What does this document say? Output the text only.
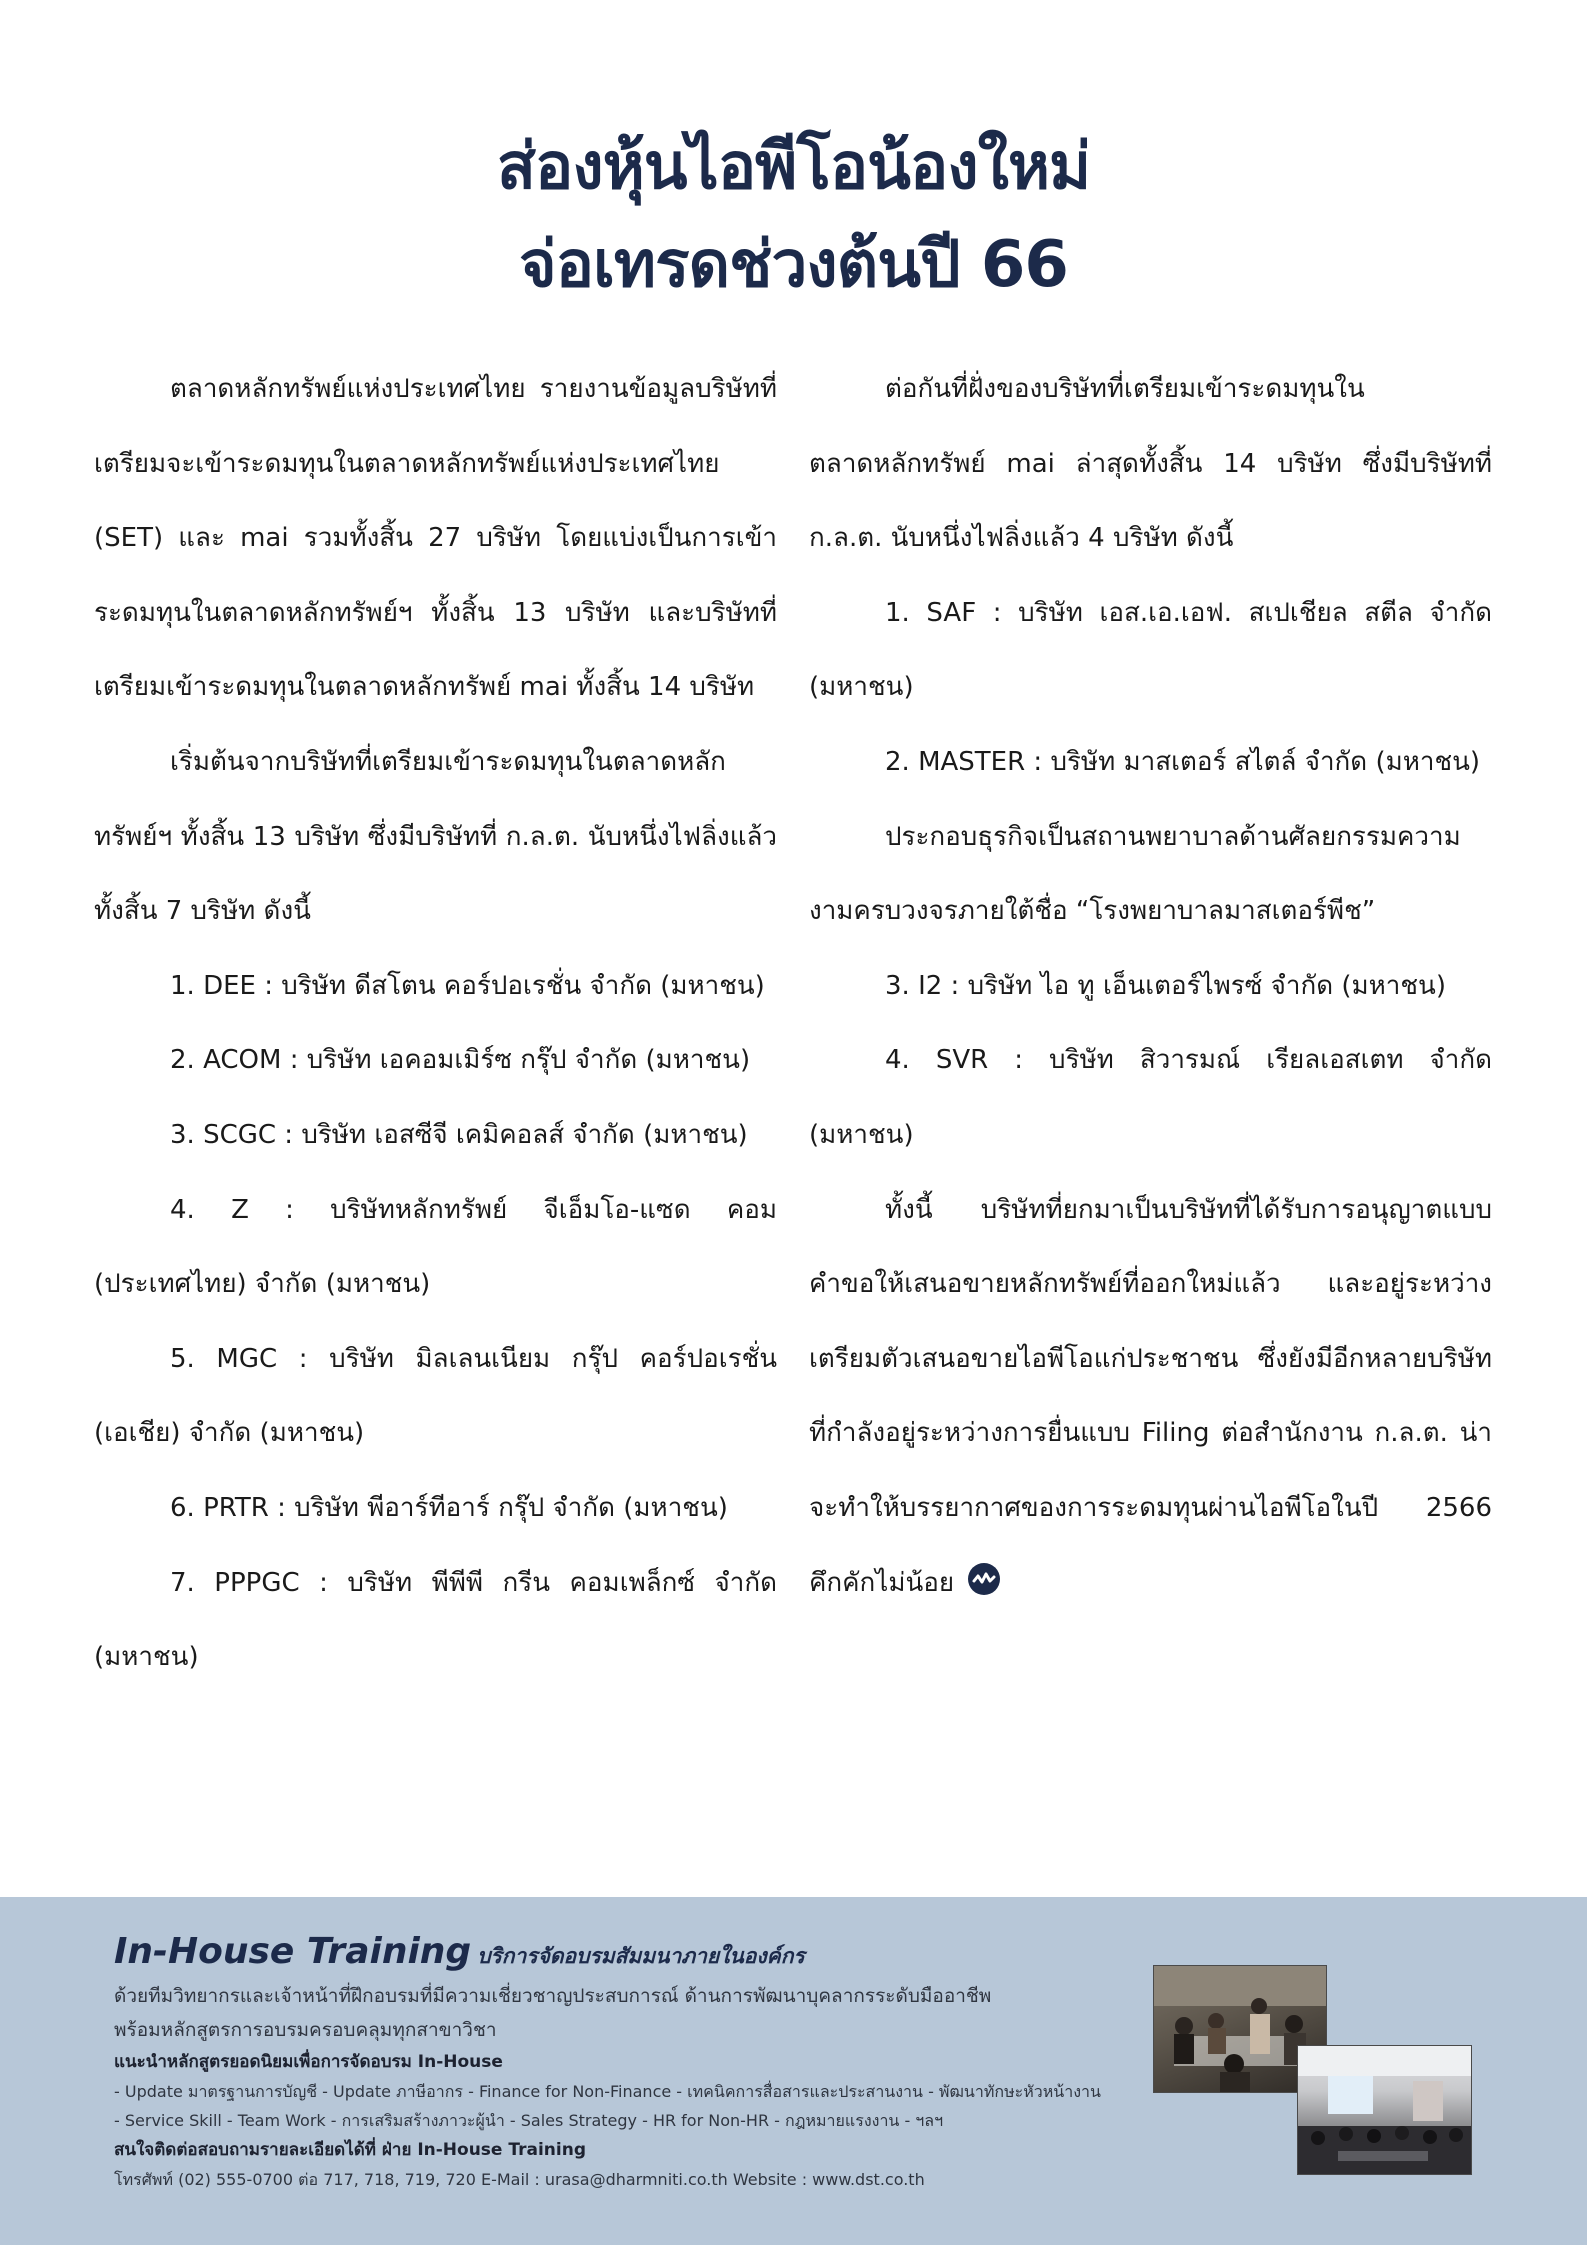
ส่องหุ้นไอพีโอน้องใหม่
จ่อเทรดช่วงต้นปี 66

ตลาดหลักทรัพย์แห่งประเทศไทย รายงานข้อมูลบริษัทที่เตรียมจะเข้าระดมทุนในตลาดหลักทรัพย์แห่งประเทศไทย (SET) และ mai รวมทั้งสิ้น 27 บริษัท โดยแบ่งเป็นการเข้าระดมทุนในตลาดหลักทรัพย์ฯ ทั้งสิ้น 13 บริษัท และบริษัทที่เตรียมเข้าระดมทุนในตลาดหลักทรัพย์ mai ทั้งสิ้น 14 บริษัท

เริ่มต้นจากบริษัทที่เตรียมเข้าระดมทุนในตลาดหลักทรัพย์ฯ ทั้งสิ้น 13 บริษัท ซึ่งมีบริษัทที่ ก.ล.ต. นับหนึ่งไฟลิ่งแล้วทั้งสิ้น 7 บริษัท ดังนี้

1. DEE : บริษัท ดีสโตน คอร์ปอเรชั่น จำกัด (มหาชน)

2. ACOM : บริษัท เอคอมเมิร์ซ กรุ๊ป จำกัด (มหาชน)

3. SCGC : บริษัท เอสซีจี เคมิคอลส์ จำกัด (มหาชน)

4. Z : บริษัทหลักทรัพย์ จีเอ็มโอ-แซด คอม (ประเทศไทย) จำกัด (มหาชน)

5. MGC : บริษัท มิลเลนเนียม กรุ๊ป คอร์ปอเรชั่น (เอเชีย) จำกัด (มหาชน)

6. PRTR : บริษัท พีอาร์ทีอาร์ กรุ๊ป จำกัด (มหาชน)

7. PPPGC : บริษัท พีพีพี กรีน คอมเพล็กซ์ จำกัด (มหาชน)

ต่อกันที่ฝั่งของบริษัทที่เตรียมเข้าระดมทุนในตลาดหลักทรัพย์ mai ล่าสุดทั้งสิ้น 14 บริษัท ซึ่งมีบริษัทที่ ก.ล.ต. นับหนึ่งไฟลิ่งแล้ว 4 บริษัท ดังนี้

1. SAF : บริษัท เอส.เอ.เอฟ. สเปเชียล สตีล จำกัด (มหาชน)

2. MASTER : บริษัท มาสเตอร์ สไตล์ จำกัด (มหาชน)

ประกอบธุรกิจเป็นสถานพยาบาลด้านศัลยกรรมความงามครบวงจรภายใต้ชื่อ “โรงพยาบาลมาสเตอร์พีช”

3. I2 : บริษัท ไอ ทู เอ็นเตอร์ไพรซ์ จำกัด (มหาชน)

4. SVR : บริษัท สิวารมณ์ เรียลเอสเตท จำกัด (มหาชน)

ทั้งนี้ บริษัทที่ยกมาเป็นบริษัทที่ได้รับการอนุญาตแบบคำขอให้เสนอขายหลักทรัพย์ที่ออกใหม่แล้ว และอยู่ระหว่างเตรียมตัวเสนอขายไอพีโอแก่ประชาชน ซึ่งยังมีอีกหลายบริษัทที่กำลังอยู่ระหว่างการยื่นแบบ Filing ต่อสำนักงาน ก.ล.ต. น่าจะทำให้บรรยากาศของการระดมทุนผ่านไอพีโอในปี 2566 คึกคักไม่น้อย

In-House Training บริการจัดอบรมสัมมนาภายในองค์กร
ด้วยทีมวิทยากรและเจ้าหน้าที่ฝึกอบรมที่มีความเชี่ยวชาญประสบการณ์ ด้านการพัฒนาบุคลากรระดับมืออาชีพ
พร้อมหลักสูตรการอบรมครอบคลุมทุกสาขาวิชา
แนะนำหลักสูตรยอดนิยมเพื่อการจัดอบรม In-House
- Update มาตรฐานการบัญชี - Update ภาษีอากร - Finance for Non-Finance - เทคนิคการสื่อสารและประสานงาน - พัฒนาทักษะหัวหน้างาน
- Service Skill - Team Work - การเสริมสร้างภาวะผู้นำ - Sales Strategy - HR for Non-HR - กฎหมายแรงงาน - ฯลฯ
สนใจติดต่อสอบถามรายละเอียดได้ที่ ฝ่าย In-House Training
โทรศัพท์ (02) 555-0700 ต่อ 717, 718, 719, 720 E-Mail : urasa@dharmniti.co.th Website : www.dst.co.th
